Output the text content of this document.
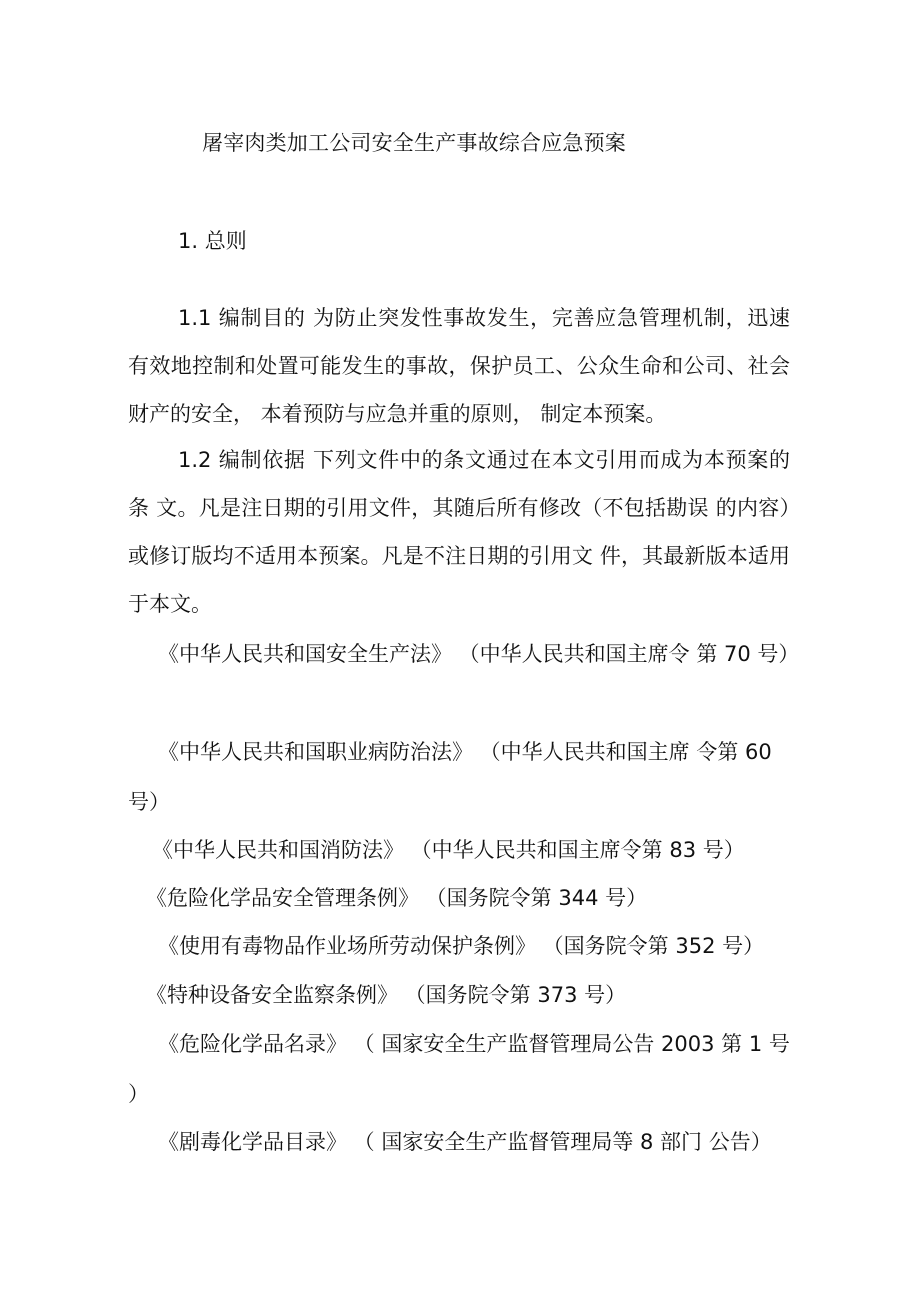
屠宰肉类加工公司安全生产事故综合应急预案
1. 总则

1.1 编制目的 为防止突发性事故发生，完善应急管理机制，迅速有效地控制和处置可能发生的事故，保护员工、公众生命和公司、社会财产的安全， 本着预防与应急并重的原则， 制定本预案。

1.2 编制依据 下列文件中的条文通过在本文引用而成为本预案的条 文。凡是注日期的引用文件，其随后所有修改（不包括勘误 的内容）或修订版均不适用本预案。凡是不注日期的引用文 件，其最新版本适用于本文。

《中华人民共和国安全生产法》 （中华人民共和国主席令 第 70 号）

《中华人民共和国职业病防治法》 （中华人民共和国主席 令第 60 号）

《中华人民共和国消防法》 （中华人民共和国主席令第 83 号）

《危险化学品安全管理条例》 （国务院令第 344 号）

《使用有毒物品作业场所劳动保护条例》 （国务院令第 352 号）

《特种设备安全监察条例》 （国务院令第 373 号）

《危险化学品名录》 （ 国家安全生产监督管理局公告 2003 第 1 号 ）

《剧毒化学品目录》 （ 国家安全生产监督管理局等 8 部门 公告）
